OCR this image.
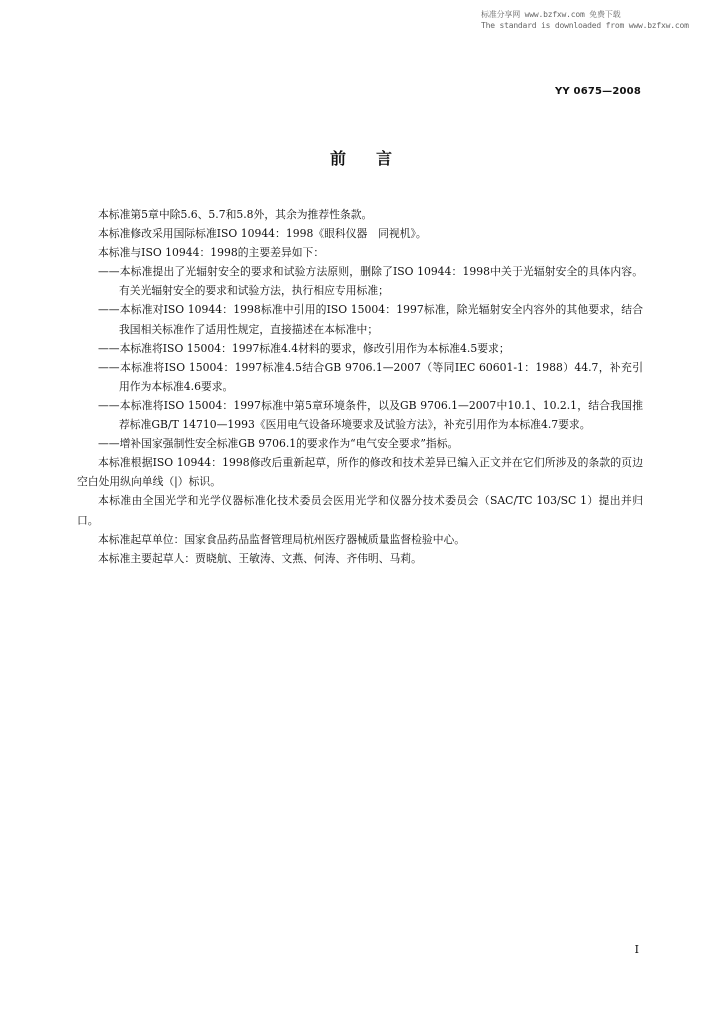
标准分享网 www.bzfxw.com 免费下载
The standard is downloaded from www.bzfxw.com
YY 0675—2008
前 言
本标准第5章中除5.6、5.7和5.8外，其余为推荐性条款。
本标准修改采用国际标准ISO 10944：1998《眼科仪器　同视机》。
本标准与ISO 10944：1998的主要差异如下：
——本标准提出了光辐射安全的要求和试验方法原则，删除了ISO 10944：1998中关于光辐射安全的具体内容。有关光辐射安全的要求和试验方法，执行相应专用标准；
——本标准对ISO 10944：1998标准中引用的ISO 15004：1997标准，除光辐射安全内容外的其他要求，结合我国相关标准作了适用性规定，直接描述在本标准中；
——本标准将ISO 15004：1997标准4.4材料的要求，修改引用作为本标准4.5要求；
——本标准将ISO 15004：1997标准4.5结合GB 9706.1—2007（等同IEC 60601-1：1988）44.7，补充引用作为本标准4.6要求。
——本标准将ISO 15004：1997标准中第5章环境条件，以及GB 9706.1—2007中10.1、10.2.1，结合我国推荐标准GB/T 14710—1993《医用电气设备环境要求及试验方法》，补充引用作为本标准4.7要求。
——增补国家强制性安全标准GB 9706.1的要求作为“电气安全要求”指标。
本标准根据ISO 10944：1998修改后重新起草，所作的修改和技术差异已编入正文并在它们所涉及的条款的页边空白处用纵向单线（|）标识。
本标准由全国光学和光学仪器标准化技术委员会医用光学和仪器分技术委员会（SAC/TC 103/SC 1）提出并归口。
本标准起草单位：国家食品药品监督管理局杭州医疗器械质量监督检验中心。
本标准主要起草人：贾晓航、王敏涛、文燕、何涛、齐伟明、马莉。
I
